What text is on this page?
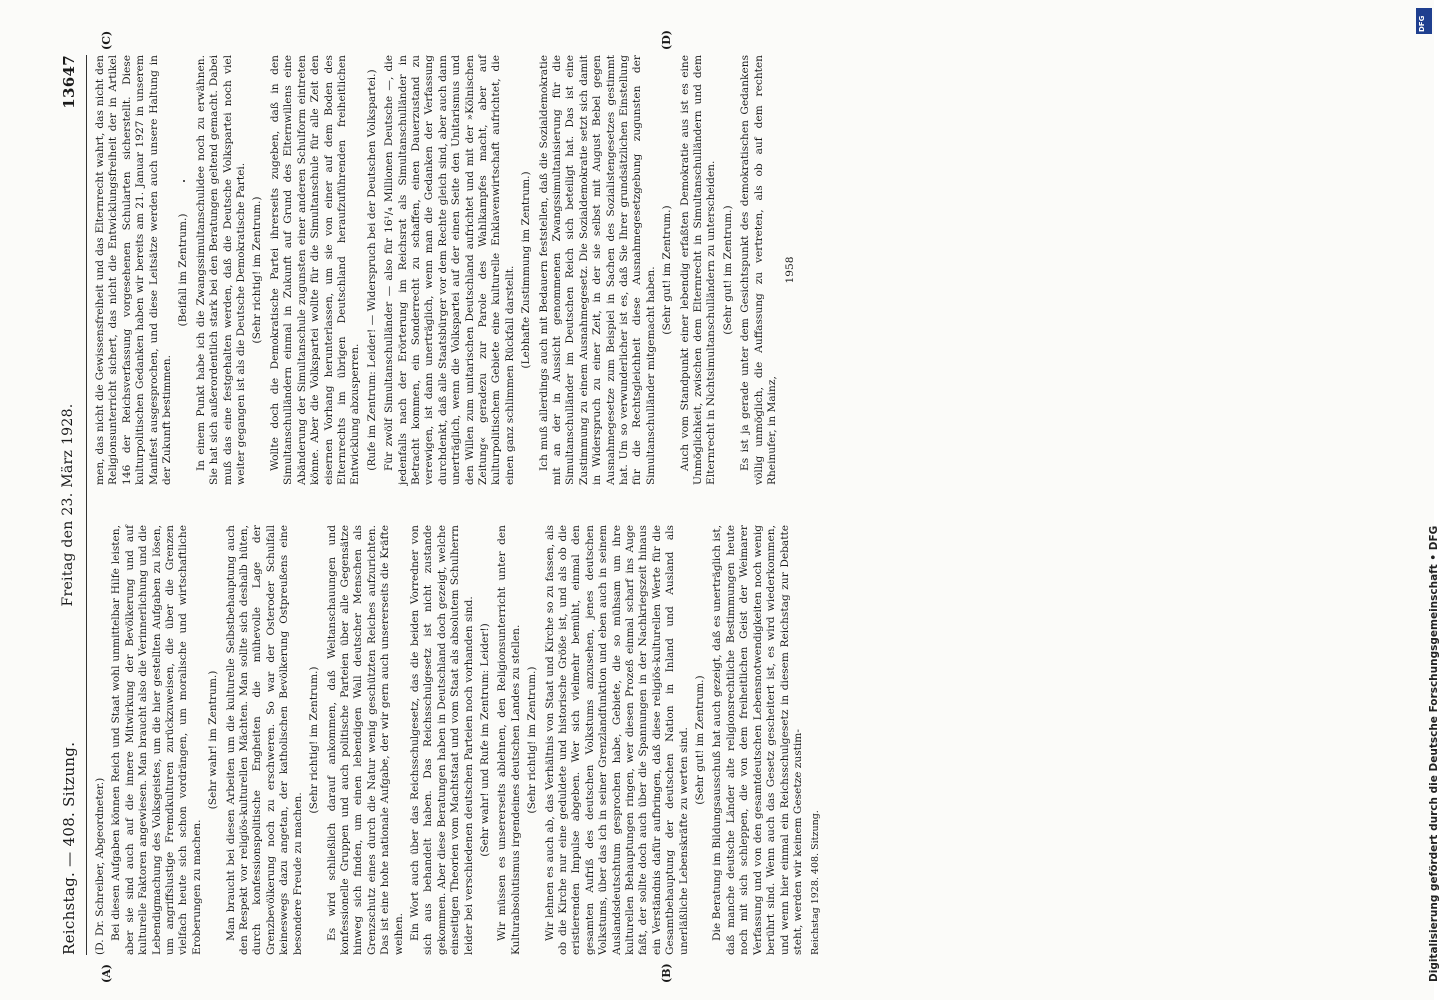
Reichstag. — 408. Sitzung.
Freitag den 23. März 1928.
13647

(D. Dr. Schreiber, Abgeordneter.) Bei diesen Aufgaben können Reich und Staat wohl unmittelbar Hilfe leisten, aber sie sind auch auf die innere Mitwirkung der Bevölkerung und auf kulturelle Faktoren angewiesen. Man braucht also die Verinnerlichung und die Lebendigmachung des Volksgeistes, um die hier gestellten Aufgaben zu lösen, um angriffslustige Fremdkulturen zurückzuweisen, die über die Grenzen vielfach heute sich schon vordrängen, um moralische und wirtschaftliche Eroberungen zu machen.

(Sehr wahr! im Zentrum.) Man braucht bei diesen Arbeiten um die kulturelle Selbstbehauptung auch den Respekt vor religiös-kulturellen Mächten. Man sollte sich deshalb hüten, durch konfessionspolitische Engheiten die mühevolle Lage der Grenzbevölkerung noch zu erschweren. So war der Osteroder Schulfall keineswegs dazu angetan, der katholischen Bevölkerung Ostpreußens eine besondere Freude zu machen.

(Sehr richtig! im Zentrum.) Es wird schließlich darauf ankommen, daß Weltanschauungen und konfessionelle Gruppen und auch politische Parteien über alle Gegensätze hinweg sich finden, um einen lebendigen Wall deutscher Menschen als Grenzschutz eines durch die Natur wenig geschützten Reiches aufzurichten. Das ist eine hohe nationale Aufgabe, der wir gern auch unsererseits die Kräfte weihen. Ein Wort auch über das Reichsschulgesetz, das die beiden Vorredner von sich aus behandelt haben. Das Reichsschulgesetz ist nicht zustande gekommen. Aber diese Beratungen haben in Deutschland doch gezeigt, welche einseitigen Theorien vom Machtstaat und vom Staat als absolutem Schulherrn leider bei verschiedenen deutschen Parteien noch vorhanden sind. (Sehr wahr! und Rufe im Zentrum: Leider!) Wir müssen es unsererseits ablehnen, den Religionsunterricht unter den Kulturabsolutismus irgendeines deutschen Landes zu stellen. (Sehr richtig! im Zentrum.) Wir lehnen es auch ab, das Verhältnis von Staat und Kirche so zu fassen, als ob die Kirche nur eine geduldete und historische Größe ist, und als ob die eristierenden Impulse abgeben. Wer sich vielmehr bemüht, einmal den gesamten Aufriß des deutschen Volkstums anzusehen, jenes deutschen Volkstums, über das ich in seiner Grenzlandfunktion und eben auch in seinem Auslandsdeutschtum gesprochen habe, Gebiete, die so mühsam um ihre kulturellen Behauptungen ringen, wer diesen Prozeß einmal scharf ins Auge faßt, der sollte doch auch über die Spannungen in der Nachkriegszeit hinaus ein Verständnis dafür aufbringen, daß diese religiös-kulturellen Werte für die Gesamtbehauptung der deutschen Nation in Inland und Ausland als unerläßliche Lebenskräfte zu werten sind. (Sehr gut! im Zentrum.) Die Beratung im Bildungsausschuß hat auch gezeigt, daß es unerträglich ist, daß manche deutsche Länder alte religionsrechtliche Bestimmungen heute noch mit sich schleppen, die von dem freiheitlichen Geist der Weimarer Verfassung und von den gesamtdeutschen Lebensnotwendigkeiten noch wenig berührt sind. Wenn auch das Gesetz gescheitert ist, es wird wiederkommen, und wenn hier einmal ein Reichsschulgesetz in diesem Reichstag zur Debatte steht, werden wir keinem Gesetze zustim- Reichstag 1928. 408. Sitzung.

men, das nicht die Gewissensfreiheit und das Elternrecht wahrt, das nicht den Religionsunterricht sichert, das nicht die Entwicklungsfreiheit der in Artikel 146 der Reichsverfassung vorgesehenen Schularten sicherstellt. Diese kulturpolitischen Gedanken haben wir bereits am 21. Januar 1927 in unserem Manifest ausgesprochen, und diese Leitsätze werden auch unsere Haltung in der Zukunft bestimmen.

(Beifall im Zentrum.) In einem Punkt habe ich die Zwangssimultanschulidee noch zu erwähnen. Sie hat sich außerordentlich stark bei den Beratungen geltend gemacht. Dabei muß das eine festgehalten werden, daß die Deutsche Volkspartei noch viel weiter gegangen ist als die Deutsche Demokratische Partei. (Sehr richtig! im Zentrum.) Wollte doch die Demokratische Partei ihrerseits zugeben, daß in den Simultanschulländern einmal in Zukunft auf Grund des Elternwillens eine Abänderung der Simultanschule zugunsten einer anderen Schulform eintreten könne. Aber die Volkspartei wollte für die Simultanschule für alle Zeit den eisernen Vorhang herunterlassen, um sie von einer auf dem Boden des Elternrechts im übrigen Deutschland heraufzuführenden freiheitlichen Entwicklung abzusperren. (Rufe im Zentrum: Leider! — Widerspruch bei der Deutschen Volkspartei.) Für zwölf Simultanschulländer — also für 16¹/₄ Millionen Deutsche —, die jedenfalls nach der Erörterung im Reichsrat als Simultanschulländer in Betracht kommen, ein Sonderrecht zu schaffen, einen Dauerzustand zu verewigen, ist dann unerträglich, wenn man die Gedanken der Verfassung durchdenkt, daß alle Staatsbürger vor dem Rechte gleich sind, aber auch dann unerträglich, wenn die Volkspartei auf der einen Seite den Unitarismus und den Willen zum unitarischen Deutschland aufrichtet und mit der »Kölnischen Zeitung« geradezu zur Parole des Wahlkampfes macht, aber auf kulturpolitischem Gebiete eine kulturelle Enklavenwirtschaft aufrichtet, die einen ganz schlimmen Rückfall darstellt. (Lebhafte Zustimmung im Zentrum.) Ich muß allerdings auch mit Bedauern feststellen, daß die Sozialdemokratie mit an der in Aussicht genommenen Zwangssimultanisierung für die Simultanschulländer im Deutschen Reich sich beteiligt hat. Das ist eine Zustimmung zu einem Ausnahmegesetz. Die Sozialdemokratie setzt sich damit in Widerspruch zu einer Zeit, in der sie selbst mit August Bebel gegen Ausnahmegesetze zum Beispiel in Sachen des Sozialistengesetzes gestimmt hat. Um so verwunderlicher ist es, daß Sie Ihrer grundsätzlichen Einstellung für die Rechtsgleichheit diese Ausnahmegesetzgebung zugunsten der Simultanschulländer mitgemacht haben. (Sehr gut! im Zentrum.) Auch vom Standpunkt einer lebendig erfaßten Demokratie aus ist es eine Unmöglichkeit, zwischen dem Elternrecht in Simultanschulländern und dem Elternrecht in Nichtsimultanschulländern zu unterscheiden. (Sehr gut! im Zentrum.) Es ist ja gerade unter dem Gesichtspunkt des demokratischen Gedankens völlig unmöglich, die Auffassung zu vertreten, als ob auf dem rechten Rheinufer, in Mainz,

1958

(A)	(B)
(C)	(D)
DFG
Digitalisierung gefördert durch die Deutsche Forschungsgemeinschaft • DFG
